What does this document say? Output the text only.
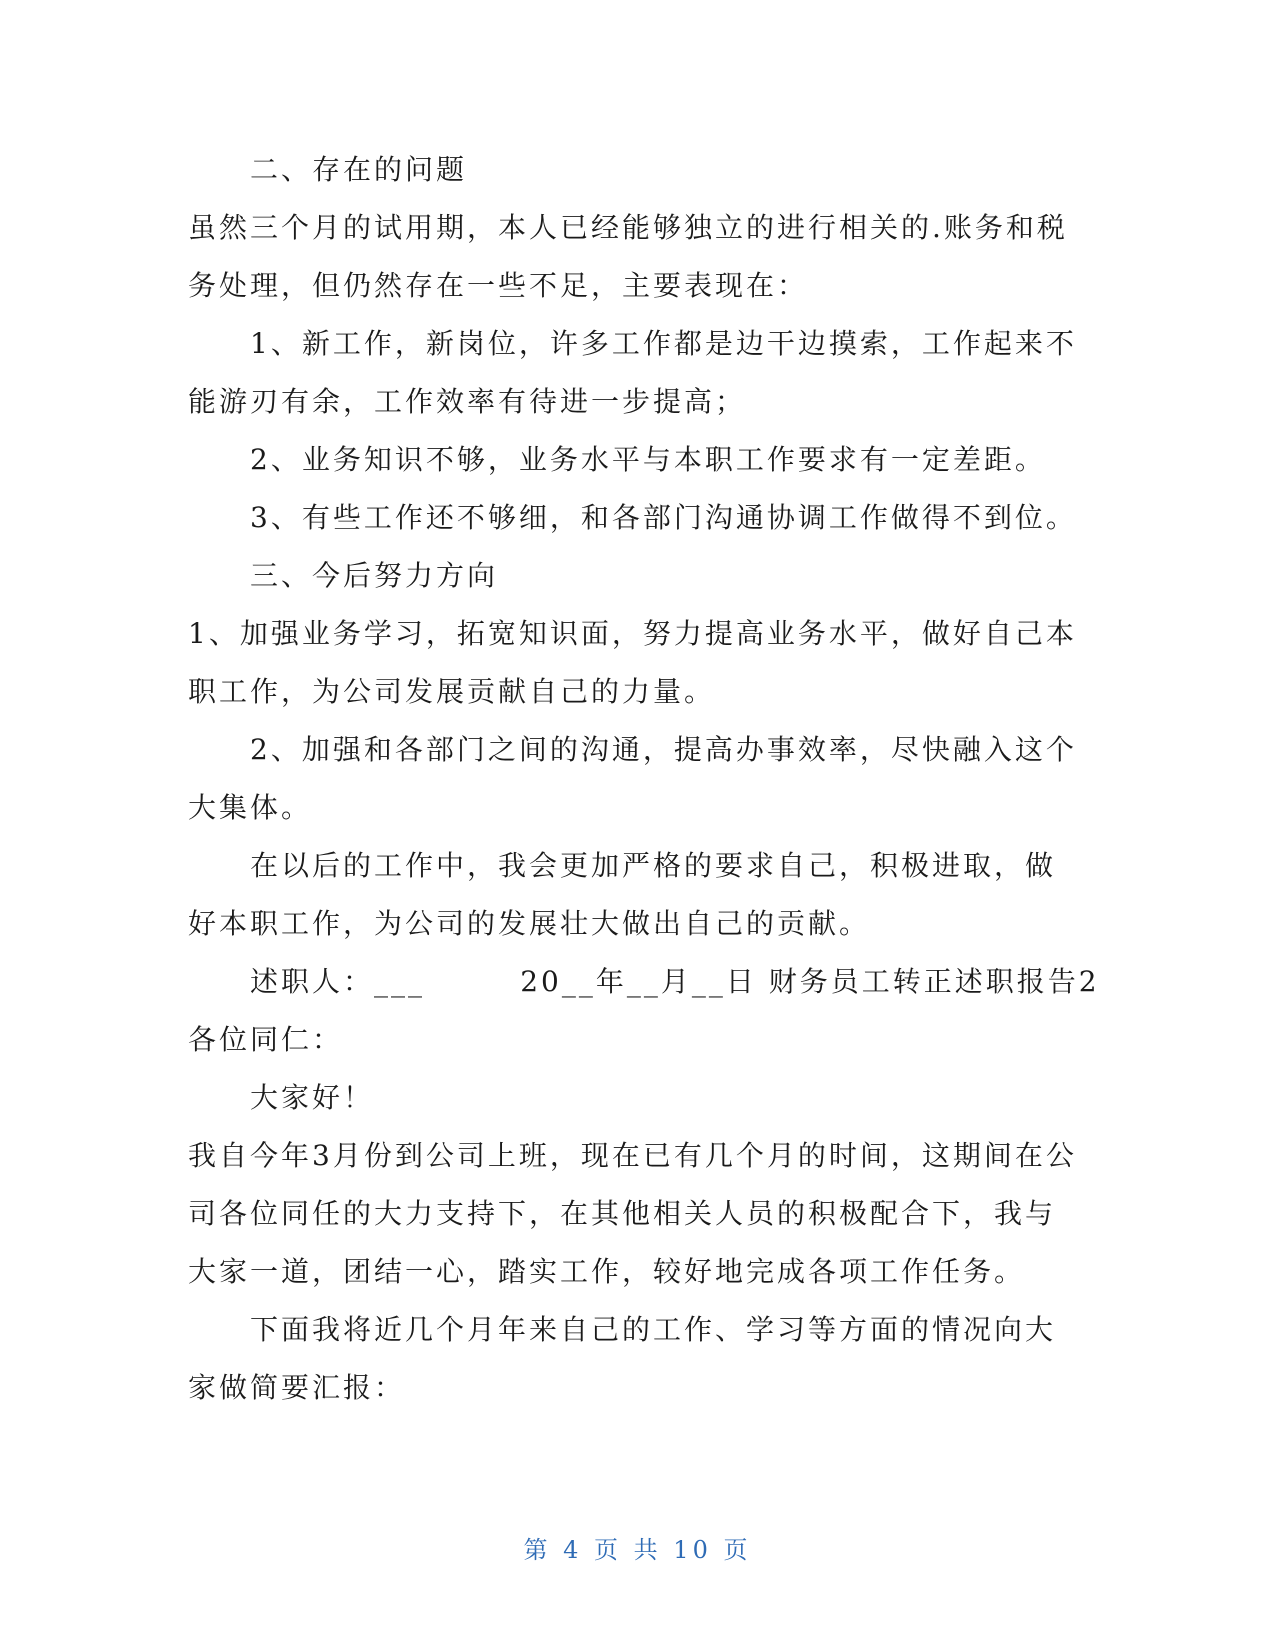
二、存在的问题
虽然三个月的试用期，本人已经能够独立的进行相关的.账务和税
务处理，但仍然存在一些不足，主要表现在：
1、新工作，新岗位，许多工作都是边干边摸索，工作起来不
能游刃有余，工作效率有待进一步提高；
2、业务知识不够，业务水平与本职工作要求有一定差距。
3、有些工作还不够细，和各部门沟通协调工作做得不到位。
三、今后努力方向
1、加强业务学习，拓宽知识面，努力提高业务水平，做好自己本
职工作，为公司发展贡献自己的力量。
2、加强和各部门之间的沟通，提高办事效率，尽快融入这个
大集体。
在以后的工作中，我会更加严格的要求自己，积极进取，做
好本职工作，为公司的发展壮大做出自己的贡献。
述职人：___        20__年__月__日 财务员工转正述职报告2
各位同仁：
大家好！
我自今年3月份到公司上班，现在已有几个月的时间，这期间在公
司各位同任的大力支持下，在其他相关人员的积极配合下，我与
大家一道，团结一心，踏实工作，较好地完成各项工作任务。
下面我将近几个月年来自己的工作、学习等方面的情况向大
家做简要汇报：
第 4 页 共 10 页
